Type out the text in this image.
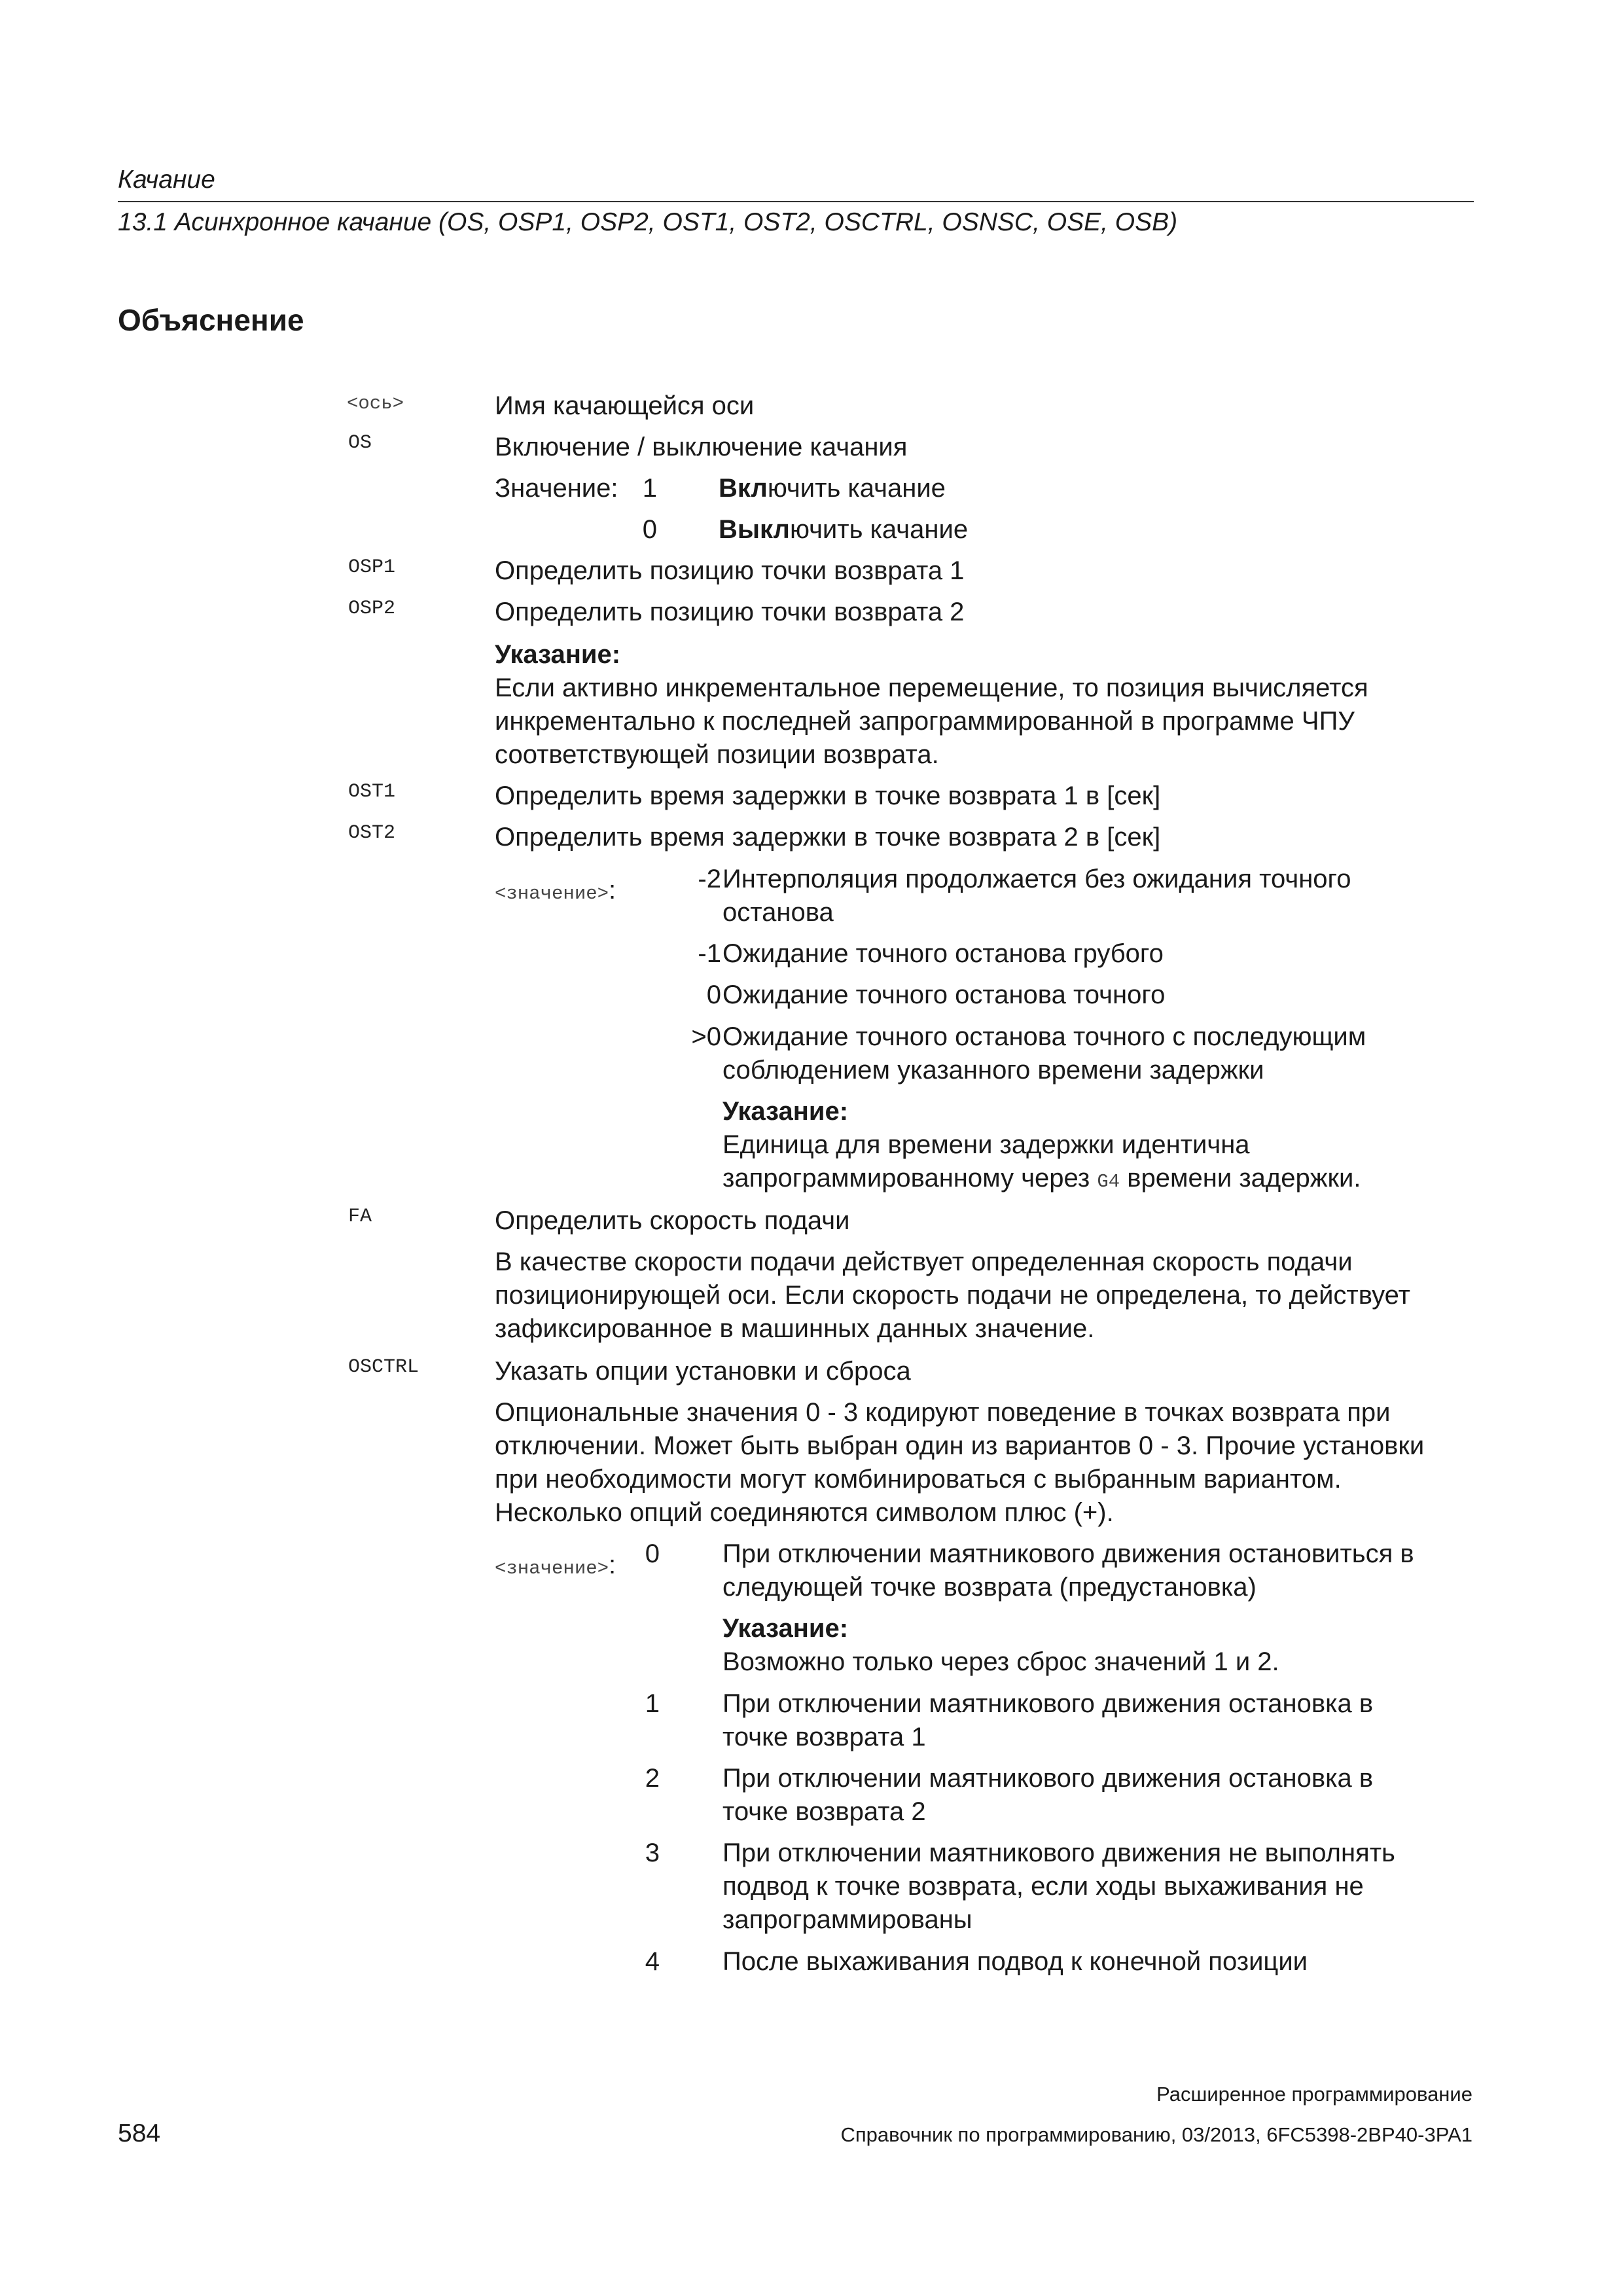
Качание
13.1 Асинхронное качание (OS, OSP1, OSP2, OST1, OST2, OSCTRL, OSNSC, OSE, OSB)
Объяснение
<ось>	Имя качающейся оси
OS	Включение / выключение качания
Значение: 1 Включить качание
0 Выключить качание
OSP1	Определить позицию точки возврата 1
OSP2	Определить позицию точки возврата 2
Указание:
Если активно инкрементальное перемещение, то позиция вычисляется
инкрементально к последней запрограммированной в программе ЧПУ
соответствующей позиции возврата.
OST1	Определить время задержки в точке возврата 1 в [сек]
OST2	Определить время задержки в точке возврата 2 в [сек]
<значение>:	-2 Интерполяция продолжается без ожидания точного
останова
-1 Ожидание точного останова грубого
0 Ожидание точного останова точного
>0 Ожидание точного останова точного с последующим
соблюдением указанного времени задержки
Указание:
Единица для времени задержки идентична
запрограммированному через G4 времени задержки.
FA	Определить скорость подачи
В качестве скорости подачи действует определенная скорость подачи
позиционирующей оси. Если скорость подачи не определена, то действует
зафиксированное в машинных данных значение.
OSCTRL	Указать опции установки и сброса
Опциональные значения 0 - 3 кодируют поведение в точках возврата при
отключении. Может быть выбран один из вариантов 0 - 3. Прочие установки
при необходимости могут комбинироваться с выбранным вариантом.
Несколько опций соединяются символом плюс (+).
<значение>:	0 При отключении маятникового движения остановиться в
следующей точке возврата (предустановка)
Указание:
Возможно только через сброс значений 1 и 2.
1 При отключении маятникового движения остановка в
точке возврата 1
2 При отключении маятникового движения остановка в
точке возврата 2
3 При отключении маятникового движения не выполнять
подвод к точке возврата, если ходы выхаживания не
запрограммированы
4 После выхаживания подвод к конечной позиции
Расширенное программирование
584	Справочник по программированию, 03/2013, 6FC5398-2BP40-3PA1
